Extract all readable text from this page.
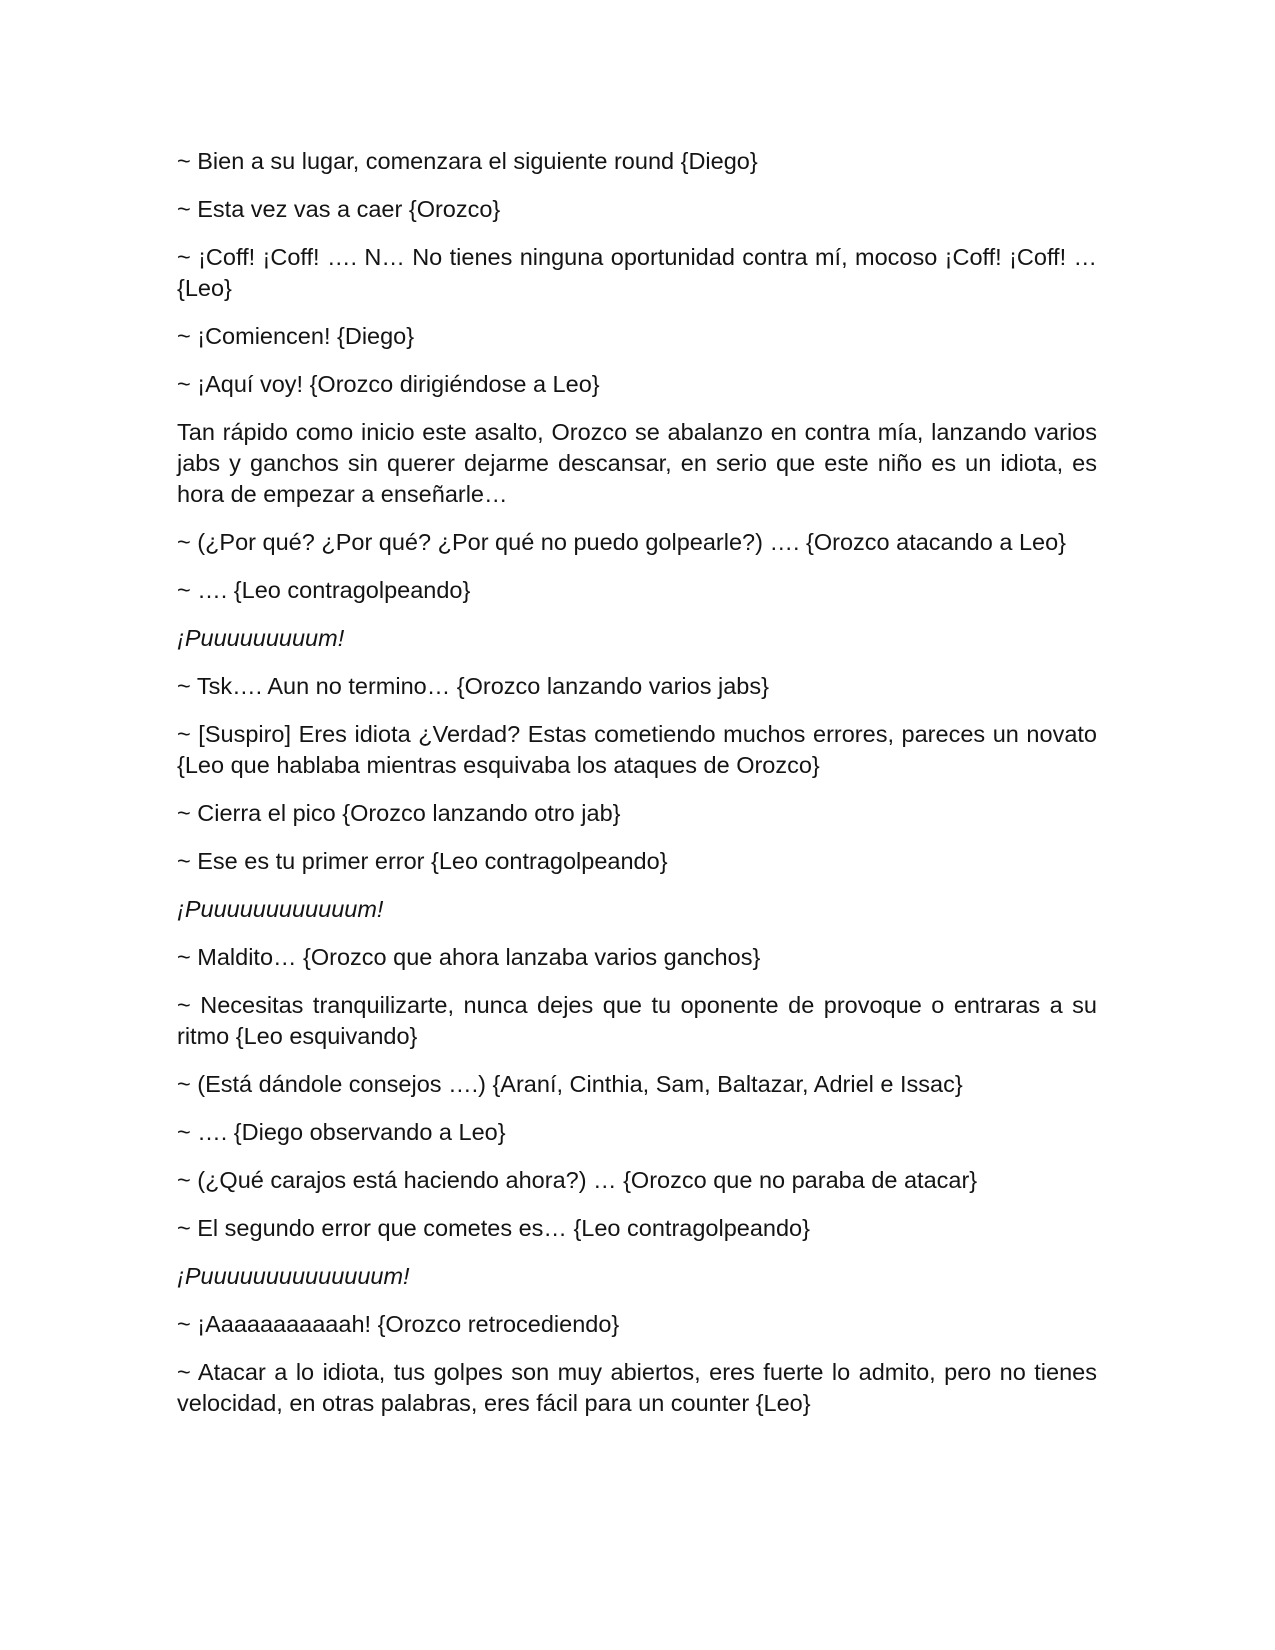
~ Bien a su lugar, comenzara el siguiente round {Diego}

~ Esta vez vas a caer {Orozco}

~ ¡Coff! ¡Coff! …. N… No tienes ninguna oportunidad contra mí, mocoso ¡Coff! ¡Coff! … {Leo}

~ ¡Comiencen! {Diego}

~ ¡Aquí voy! {Orozco dirigiéndose a Leo}

Tan rápido como inicio este asalto, Orozco se abalanzo en contra mía, lanzando varios jabs y ganchos sin querer dejarme descansar, en serio que este niño es un idiota, es hora de empezar a enseñarle…

~ (¿Por qué? ¿Por qué? ¿Por qué no puedo golpearle?) …. {Orozco atacando a Leo}

~ …. {Leo contragolpeando}

¡Puuuuuuuuum!

~ Tsk…. Aun no termino… {Orozco lanzando varios jabs}

~ [Suspiro] Eres idiota ¿Verdad? Estas cometiendo muchos errores, pareces un novato {Leo que hablaba mientras esquivaba los ataques de Orozco}

~ Cierra el pico {Orozco lanzando otro jab}

~ Ese es tu primer error {Leo contragolpeando}

¡Puuuuuuuuuuuum!

~ Maldito… {Orozco que ahora lanzaba varios ganchos}

~ Necesitas tranquilizarte, nunca dejes que tu oponente de provoque o entraras a su ritmo {Leo esquivando}

~ (Está dándole consejos ….) {Araní, Cinthia, Sam, Baltazar, Adriel e Issac}

~ …. {Diego observando a Leo}

~ (¿Qué carajos está haciendo ahora?) … {Orozco que no paraba de atacar}

~ El segundo error que cometes es… {Leo contragolpeando}

¡Puuuuuuuuuuuuuum!

~ ¡Aaaaaaaaaaah! {Orozco retrocediendo}

~ Atacar a lo idiota, tus golpes son muy abiertos, eres fuerte lo admito, pero no tienes velocidad, en otras palabras, eres fácil para un counter {Leo}
